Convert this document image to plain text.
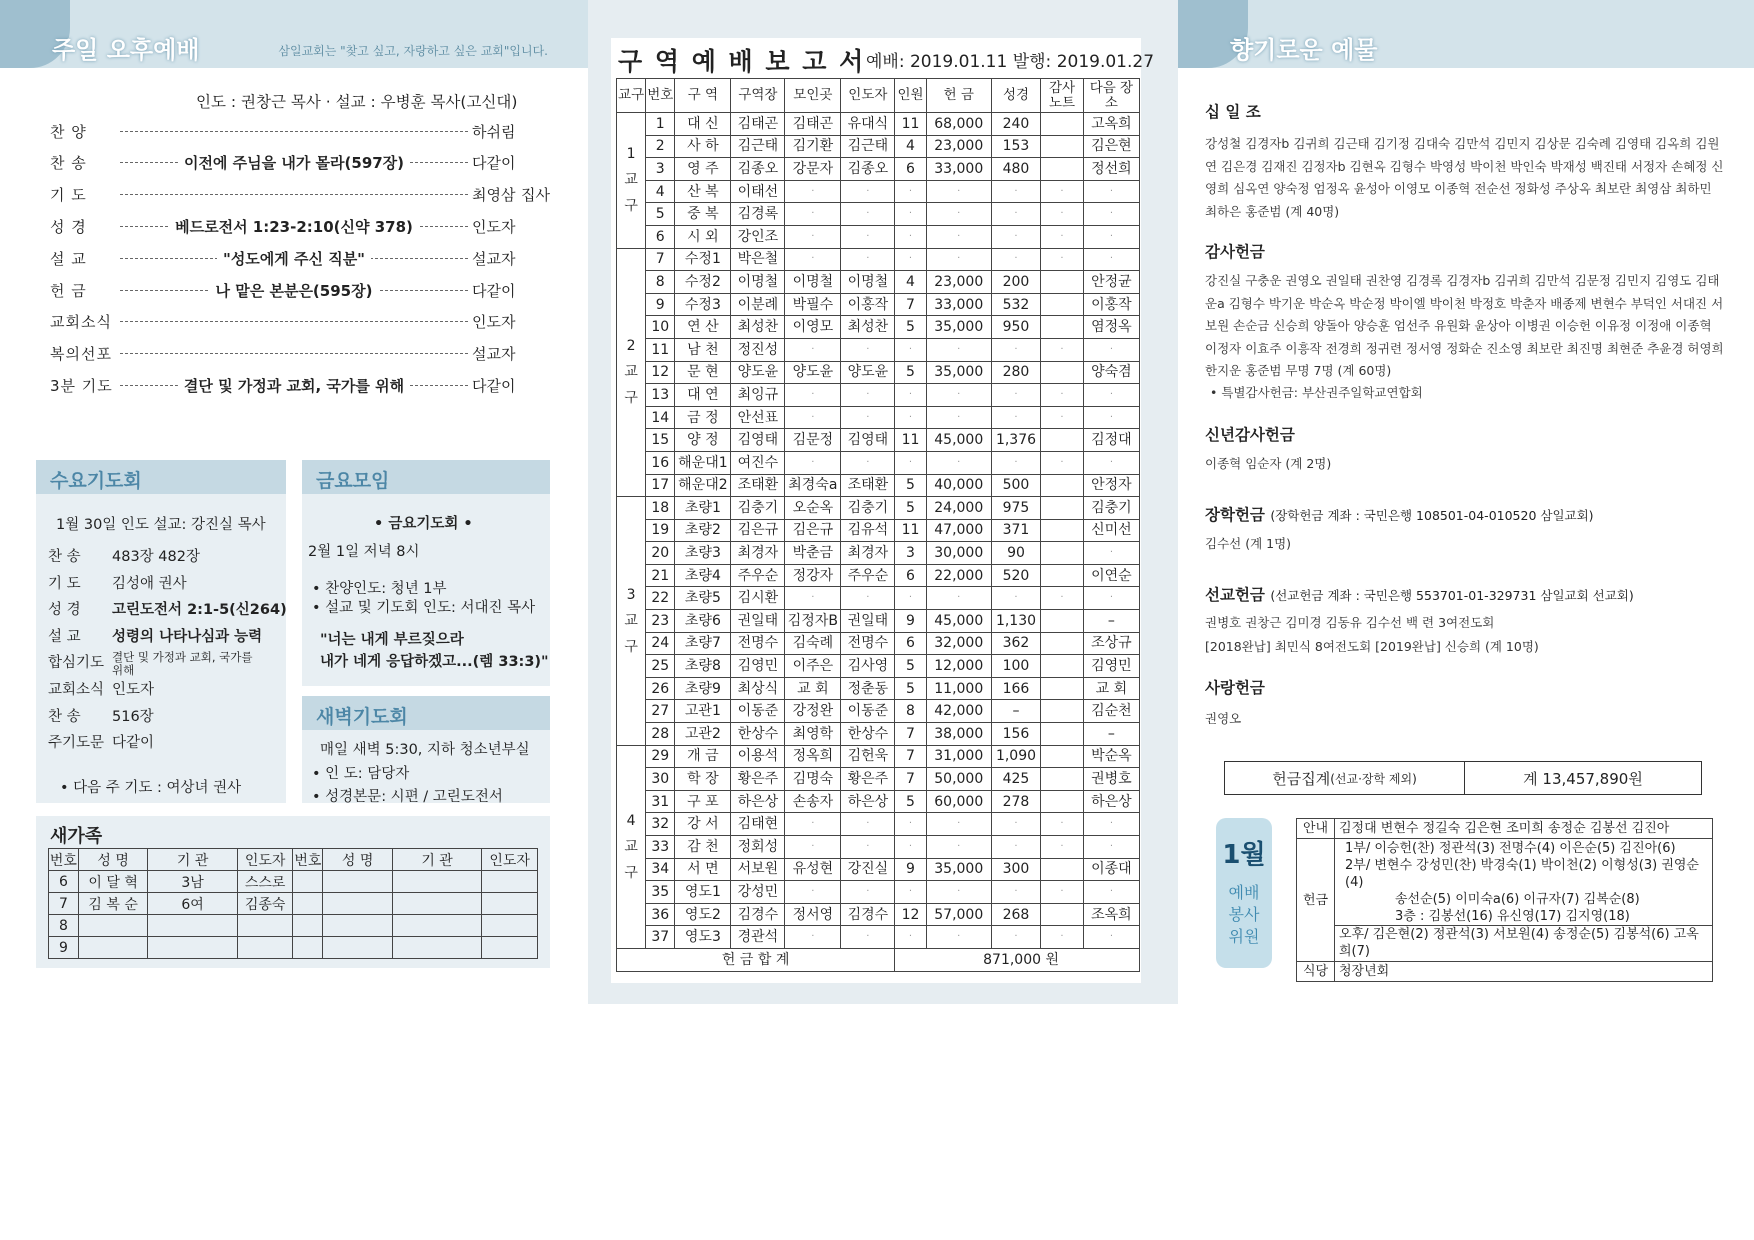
주일 오후예배	삼일교회는 "찾고 싶고, 자랑하고 싶은 교회"입니다.
인도 : 권창근 목사 · 설교 : 우병훈 목사(고신대)
찬 양	하쉬림
찬 송	이전에 주님을 내가 몰라(597장)	다같이
기 도	최영삼 집사
성 경	베드로전서 1:23-2:10(신약 378)	인도자
설 교	"성도에게 주신 직분"	설교자
헌 금	나 맡은 본분은(595장)	다같이
교회소식	인도자
복의선포	설교자
3분 기도	결단 및 가정과 교회, 국가를 위해	다같이
수요기도회
1월 30일 인도 설교: 강진실 목사
찬 송 483장 482장
기 도 김성애 권사
성 경 고린도전서 2:1-5(신264)
설 교 성령의 나타나심과 능력
합심기도 결단 및 가정과 교회, 국가를 위해
교회소식 인도자
찬 송 516장
주기도문 다같이
• 다음 주 기도 : 여상녀 권사
금요모임
• 금요기도회 •
2월 1일 저녁 8시
• 찬양인도: 청년 1부
• 설교 및 기도회 인도: 서대진 목사
"너는 내게 부르짖으라
내가 네게 응답하겠고...(렘 33:3)"
새벽기도회
매일 새벽 5:30, 지하 청소년부실
• 인 도: 담당자
• 성경본문: 시편 / 고린도전서
새가족
번호	성 명	기 관	인도자	번호	성 명	기 관	인도자
6	이 달 혁	3남	스스로				
7	김 복 순	6여	김종숙				
8							
9							
구 역 예 배 보 고 서 예배: 2019.01.11 발행: 2019.01.27
교구	번호	구 역	구역장	모인곳	인도자	인원	헌 금	성경	감사 노트	다음 장소
1
교
구	1	대 신	김태곤	김태곤	유대식	11	68,000	240		고옥희
	2	사 하	김근태	김기환	김근태	4	23,000	153		김은현
	3	영 주	김종오	강문자	김종오	6	33,000	480		정선희
	4	산 복	이태선	·	·	·	·	·	·	·
	5	중 복	김경록	·	·	·	·	·	·	·
	6	시 외	강인조	·	·	·	·	·	·	·
2
교
구	7	수정1	박은철	·	·	·	·	·	·	·
	8	수정2	이명철	이명철	이명철	4	23,000	200		안정균
	9	수정3	이분례	박필수	이홍작	7	33,000	532		이홍작
	10	연 산	최성찬	이영모	최성찬	5	35,000	950		염정옥
	11	남 천	정진성	·	·	·	·	·	·	·
	12	문 현	양도윤	양도윤	양도윤	5	35,000	280		양숙겸
	13	대 연	최잉규	·	·	·	·	·	·	·
	14	금 정	안선표	·	·	·	·	·	·	·
	15	양 정	김영태	김문정	김영태	11	45,000	1,376		김정대
	16	해운대1	여진수	·	·	·	·	·	·	·
	17	해운대2	조태환	최경숙a	조태환	5	40,000	500		안정자
3
교
구	18	초량1	김충기	오순옥	김충기	5	24,000	975		김충기
	19	초량2	김은규	김은규	김유석	11	47,000	371		신미선
	20	초량3	최경자	박춘금	최경자	3	30,000	90		·
	21	초량4	주우순	정강자	주우순	6	22,000	520		이연순
	22	초량5	김시환	·	·	·	·	·	·	·
	23	초량6	권일태	김정자B	권일태	9	45,000	1,130		–
	24	초량7	전명수	김숙례	전명수	6	32,000	362		조상규
	25	초량8	김영민	이주은	김사영	5	12,000	100		김영민
	26	초량9	최상식	교 회	정춘동	5	11,000	166		교 회
	27	고관1	이동준	강정완	이동준	8	42,000	–		김순천
	28	고관2	한상수	최영학	한상수	7	38,000	156		–
4
교
구	29	개 금	이용석	정옥희	김헌욱	7	31,000	1,090		박순옥
	30	학 장	황은주	김명숙	황은주	7	50,000	425		권병호
	31	구 포	하은상	손송자	하은상	5	60,000	278		하은상
	32	강 서	김태현	·	·	·	·	·	·	·
	33	감 천	정회성	·	·	·	·	·	·	·
	34	서 면	서보원	유성현	강진실	9	35,000	300		이종대
	35	영도1	강성민	·	·	·	·	·	·	·
	36	영도2	김경수	정서영	김경수	12	57,000	268		조옥희
	37	영도3	경관석	·	·	·	·	·	·	·
헌 금 합 계						871,000 원				
향기로운 예물
십 일 조
강성철 김경자b 김귀희 김근태 김기정 김대숙 김만석 김민지 김상문 김숙례 김영태 김옥희 김원연 김은경 김재진 김정자b 김현옥 김형수 박영성 박이천 박인숙 박재성 백진태 서정자 손혜정 신영희 심옥연 양숙정 엄정옥 윤성아 이영모 이종혁 전순선 정화성 주상옥 최보란 최영삼 최하민 최하은 홍준범 (계 40명)
감사헌금
강진실 구충운 권영오 권일태 권찬영 김경록 김경자b 김귀희 김만석 김문정 김민지 김영도 김태운a 김형수 박기운 박순옥 박순정 박이엘 박이천 박정호 박춘자 배종제 변현수 부덕인 서대진 서보원 손순금 신승희 양돌아 양승훈 엄선주 유원화 윤상아 이병권 이승헌 이유정 이정애 이종혁 이정자 이효주 이흥작 전경희 정귀련 정서영 정화순 진소영 최보란 최진명 최현준 추윤경 허영희 한지운 홍준범 무명 7명 (계 60명)
• 특별감사헌금: 부산권주일학교연합회
신년감사헌금
이종혁 임순자 (계 2명)
장학헌금 (장학헌금 계좌 : 국민은행 108501-04-010520 삼일교회)
김수선 (계 1명)
선교헌금 (선교헌금 계좌 : 국민은행 553701-01-329731 삼일교회 선교회)
권병호 권창근 김미경 김동유 김수선 백 련 3여전도회
[2018완납] 최민식 8여전도회 [2019완납] 신승희 (계 10명)
사랑헌금
권영오
헌금집계 (선교·장학 제외)	계 13,457,890원
1월
예배
봉사
위원
안내	김정대 변현수 정길숙 김은현 조미희 송정순 김봉선 김진아
헌금	1부/ 이승헌(찬) 정관석(3) 전명수(4) 이은순(5) 김진아(6)
2부/ 변현수 강성민(찬) 박경숙(1) 박이천(2) 이형성(3) 권영순(4)
송선순(5) 이미숙a(6) 이규자(7) 김복순(8)
3층 : 김봉선(16) 유신영(17) 김지영(18)
오후/ 김은현(2) 정관석(3) 서보원(4) 송정순(5) 김봉석(6) 고옥희(7)

식당	청장년회
